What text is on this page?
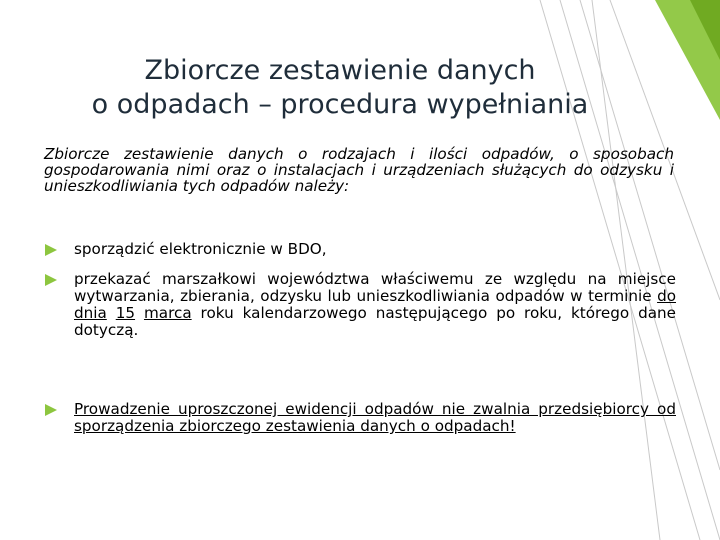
Zbiorcze zestawienie danych
o odpadach – procedura wypełniania
Zbiorcze zestawienie danych o rodzajach i ilości odpadów, o sposobach gospodarowania nimi oraz o instalacjach i urządzeniach służących do odzysku i unieszkodliwiania tych odpadów należy:
sporządzić elektronicznie w BDO,
przekazać marszałkowi województwa właściwemu ze względu na miejsce wytwarzania, zbierania, odzysku lub unieszkodliwiania odpadów w terminie do dnia 15 marca roku kalendarzowego następującego po roku, którego dane dotyczą.
Prowadzenie uproszczonej ewidencji odpadów nie zwalnia przedsiębiorcy od sporządzenia zbiorczego zestawienia danych o odpadach!
